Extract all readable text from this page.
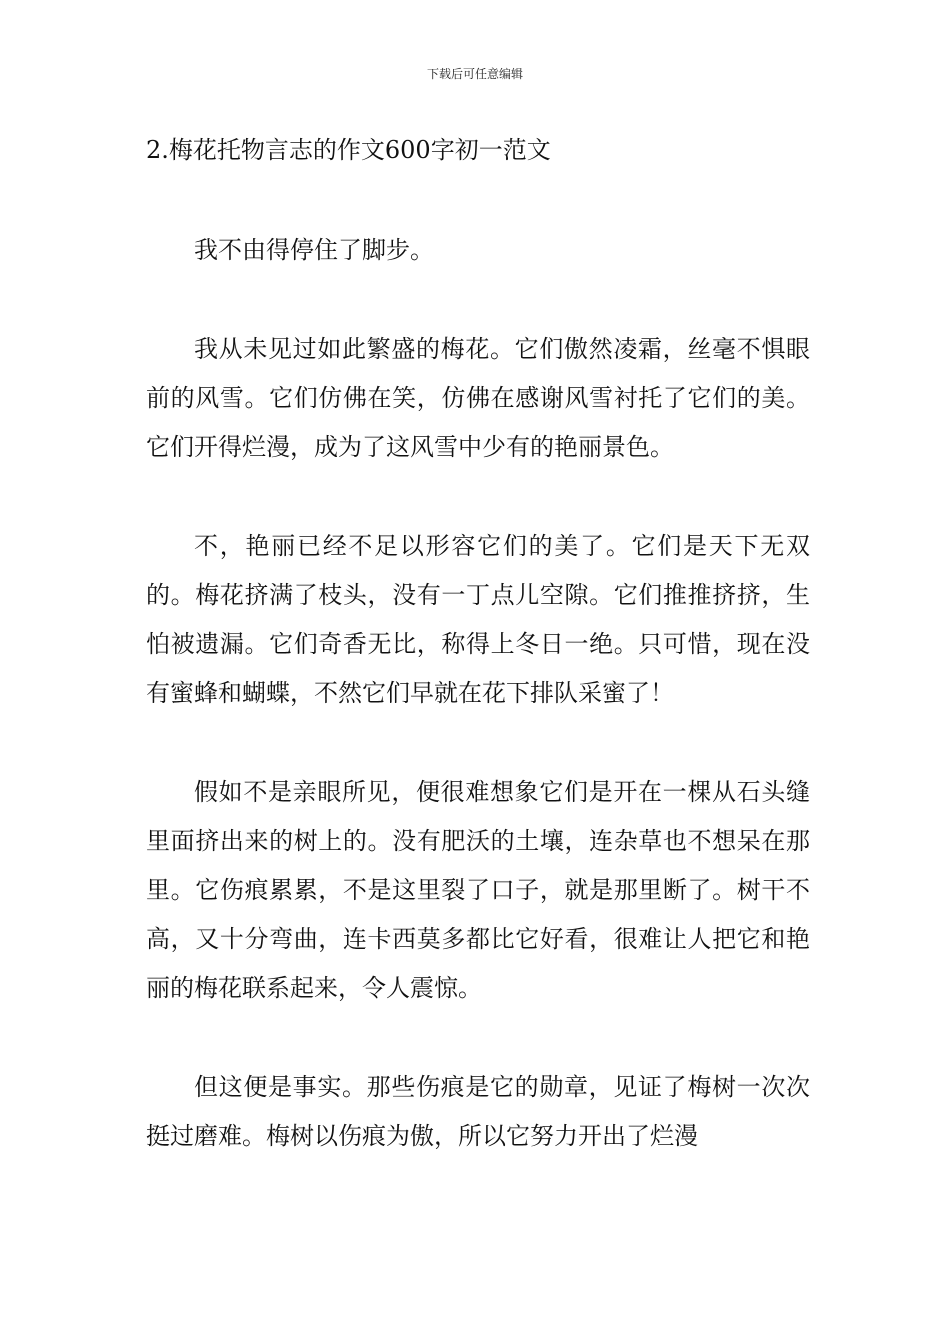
下载后可任意编辑
2.梅花托物言志的作文600字初一范文

我不由得停住了脚步。

我从未见过如此繁盛的梅花。它们傲然凌霜，丝毫不惧眼前的风雪。它们仿佛在笑，仿佛在感谢风雪衬托了它们的美。它们开得烂漫，成为了这风雪中少有的艳丽景色。

不，艳丽已经不足以形容它们的美了。它们是天下无双的。梅花挤满了枝头，没有一丁点儿空隙。它们推推挤挤，生怕被遗漏。它们奇香无比，称得上冬日一绝。只可惜，现在没有蜜蜂和蝴蝶，不然它们早就在花下排队采蜜了！

假如不是亲眼所见，便很难想象它们是开在一棵从石头缝里面挤出来的树上的。没有肥沃的土壤，连杂草也不想呆在那里。它伤痕累累，不是这里裂了口子，就是那里断了。树干不高，又十分弯曲，连卡西莫多都比它好看，很难让人把它和艳丽的梅花联系起来，令人震惊。

但这便是事实。那些伤痕是它的勋章，见证了梅树一次次挺过磨难。梅树以伤痕为傲，所以它努力开出了烂漫
